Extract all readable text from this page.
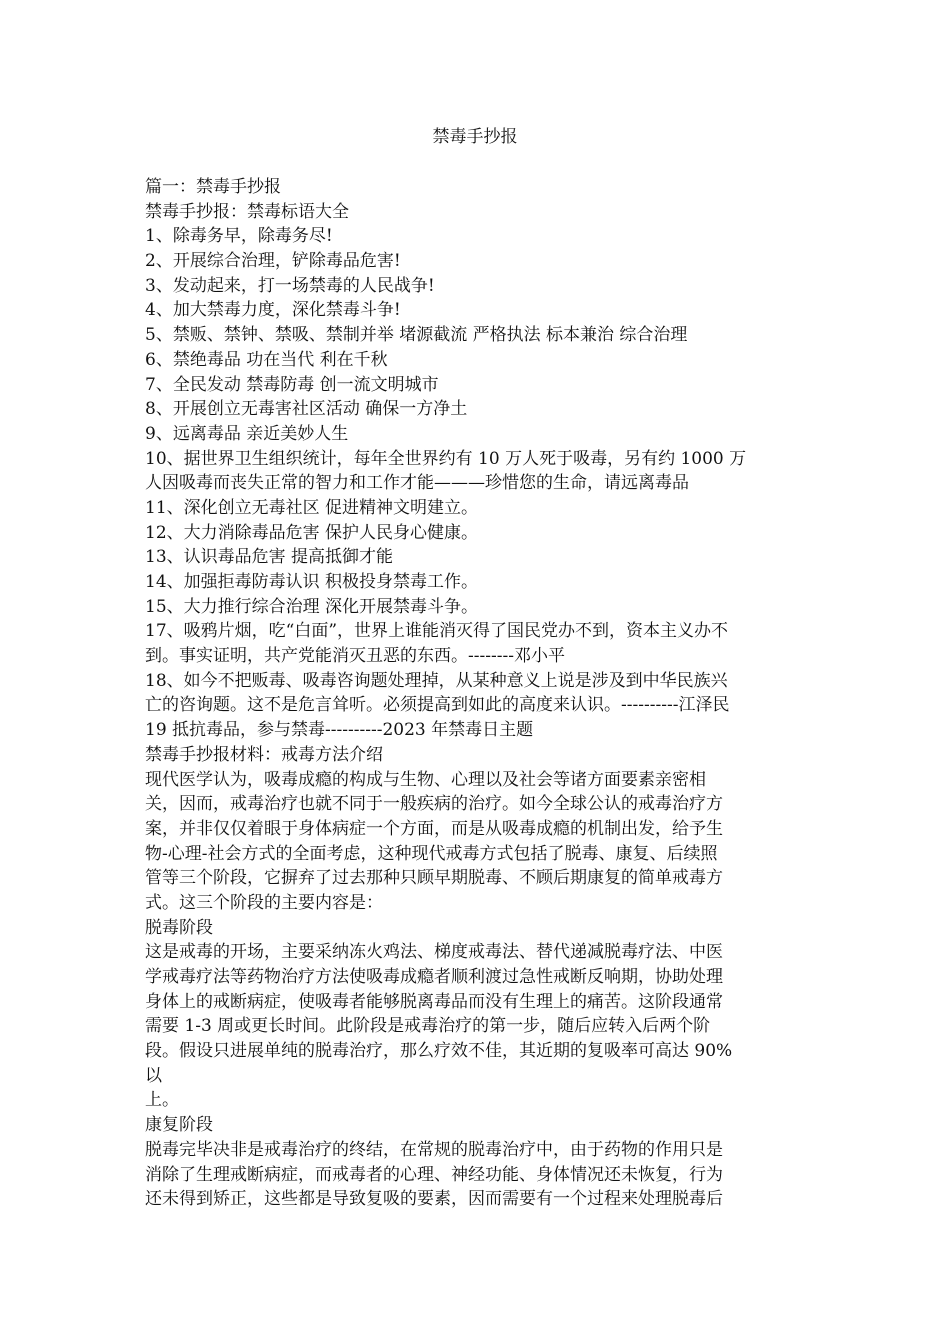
禁毒手抄报
篇一：禁毒手抄报
禁毒手抄报：禁毒标语大全
1、除毒务早，除毒务尽!
2、开展综合治理，铲除毒品危害!
3、发动起来，打一场禁毒的人民战争!
4、加大禁毒力度，深化禁毒斗争!
5、禁贩、禁钟、禁吸、禁制并举 堵源截流 严格执法 标本兼治 综合治理
6、禁绝毒品 功在当代 利在千秋
7、全民发动 禁毒防毒 创一流文明城市
8、开展创立无毒害社区活动 确保一方净土
9、远离毒品 亲近美妙人生
10、据世界卫生组织统计，每年全世界约有 10 万人死于吸毒，另有约 1000 万
人因吸毒而丧失正常的智力和工作才能———珍惜您的生命，请远离毒品
11、深化创立无毒社区 促进精神文明建立。
12、大力消除毒品危害 保护人民身心健康。
13、认识毒品危害 提高抵御才能
14、加强拒毒防毒认识 积极投身禁毒工作。
15、大力推行综合治理 深化开展禁毒斗争。
17、吸鸦片烟，吃“白面”，世界上谁能消灭得了国民党办不到，资本主义办不
到。事实证明，共产党能消灭丑恶的东西。--------邓小平
18、如今不把贩毒、吸毒咨询题处理掉，从某种意义上说是涉及到中华民族兴
亡的咨询题。这不是危言耸听。必须提高到如此的高度来认识。----------江泽民
19 抵抗毒品，参与禁毒----------2023 年禁毒日主题
禁毒手抄报材料：戒毒方法介绍
现代医学认为，吸毒成瘾的构成与生物、心理以及社会等诸方面要素亲密相
关，因而，戒毒治疗也就不同于一般疾病的治疗。如今全球公认的戒毒治疗方
案，并非仅仅着眼于身体病症一个方面，而是从吸毒成瘾的机制出发，给予生
物-心理-社会方式的全面考虑，这种现代戒毒方式包括了脱毒、康复、后续照
管等三个阶段，它摒弃了过去那种只顾早期脱毒、不顾后期康复的简单戒毒方
式。这三个阶段的主要内容是：
脱毒阶段
这是戒毒的开场，主要采纳冻火鸡法、梯度戒毒法、替代递减脱毒疗法、中医
学戒毒疗法等药物治疗方法使吸毒成瘾者顺利渡过急性戒断反响期，协助处理
身体上的戒断病症，使吸毒者能够脱离毒品而没有生理上的痛苦。这阶段通常
需要 1-3 周或更长时间。此阶段是戒毒治疗的第一步，随后应转入后两个阶
段。假设只进展单纯的脱毒治疗，那么疗效不佳，其近期的复吸率可高达 90%
以
上。
康复阶段
脱毒完毕决非是戒毒治疗的终结，在常规的脱毒治疗中，由于药物的作用只是
消除了生理戒断病症，而戒毒者的心理、神经功能、身体情况还未恢复，行为
还未得到矫正，这些都是导致复吸的要素，因而需要有一个过程来处理脱毒后
